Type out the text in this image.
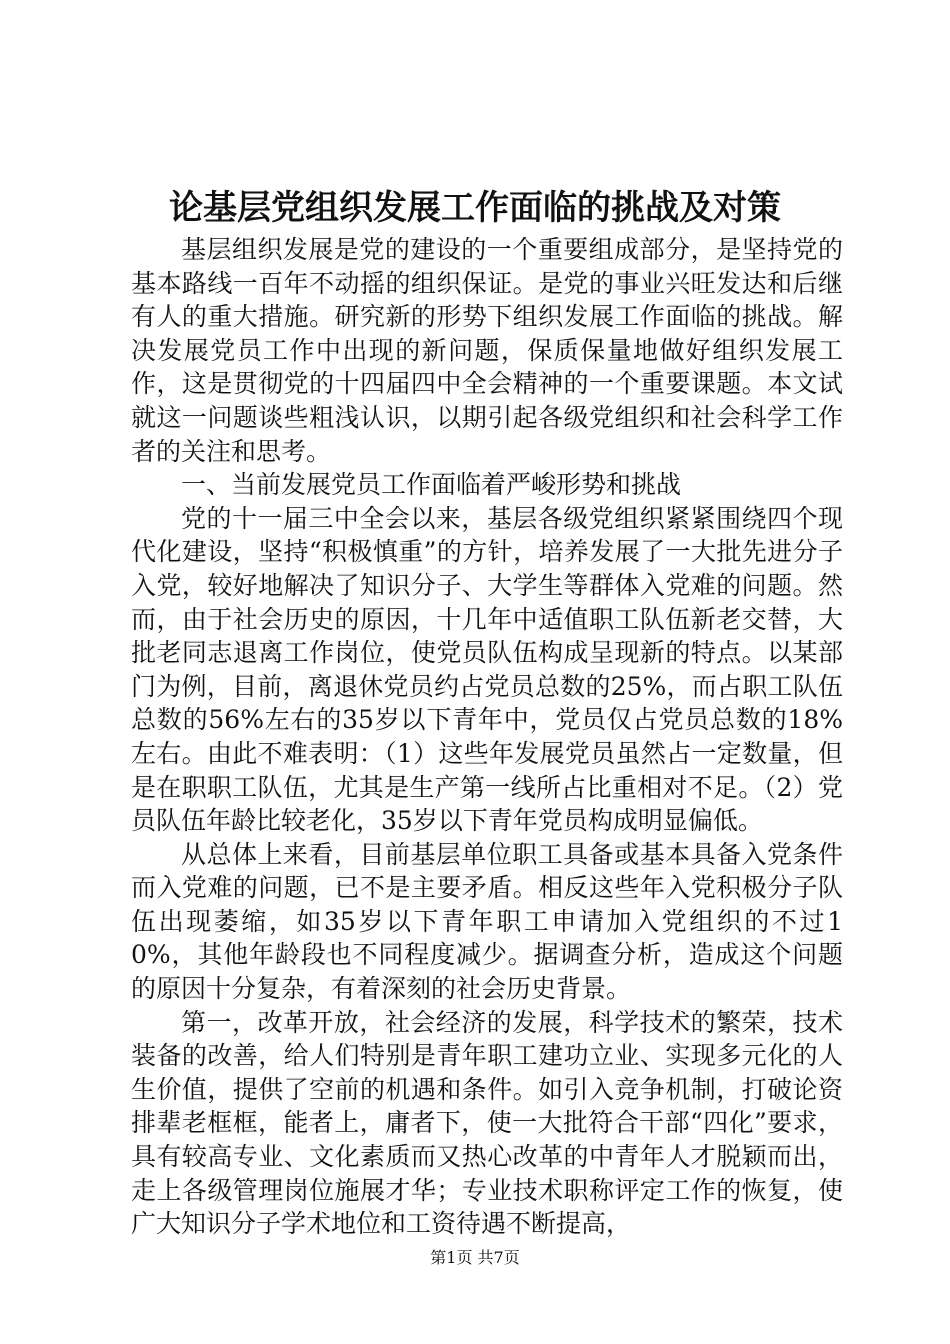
论基层党组织发展工作面临的挑战及对策

基层组织发展是党的建设的一个重要组成部分，是坚持党的基本路线一百年不动摇的组织保证。是党的事业兴旺发达和后继有人的重大措施。研究新的形势下组织发展工作面临的挑战。解决发展党员工作中出现的新问题，保质保量地做好组织发展工作，这是贯彻党的十四届四中全会精神的一个重要课题。本文试就这一问题谈些粗浅认识，以期引起各级党组织和社会科学工作者的关注和思考。

一、当前发展党员工作面临着严峻形势和挑战

党的十一届三中全会以来，基层各级党组织紧紧围绕四个现代化建设，坚持“积极慎重”的方针，培养发展了一大批先进分子入党，较好地解决了知识分子、大学生等群体入党难的问题。然而，由于社会历史的原因，十几年中适值职工队伍新老交替，大批老同志退离工作岗位，使党员队伍构成呈现新的特点。以某部门为例，目前，离退休党员约占党员总数的25%，而占职工队伍总数的56%左右的35岁以下青年中，党员仅占党员总数的18%左右。由此不难表明：（1）这些年发展党员虽然占一定数量，但是在职职工队伍，尤其是生产第一线所占比重相对不足。（2）党员队伍年龄比较老化，35岁以下青年党员构成明显偏低。

从总体上来看，目前基层单位职工具备或基本具备入党条件而入党难的问题，已不是主要矛盾。相反这些年入党积极分子队伍出现萎缩，如35岁以下青年职工申请加入党组织的不过10%，其他年龄段也不同程度减少。据调查分析，造成这个问题的原因十分复杂，有着深刻的社会历史背景。

第一，改革开放，社会经济的发展，科学技术的繁荣，技术装备的改善，给人们特别是青年职工建功立业、实现多元化的人生价值，提供了空前的机遇和条件。如引入竞争机制，打破论资排辈老框框，能者上，庸者下，使一大批符合干部“四化”要求，具有较高专业、文化素质而又热心改革的中青年人才脱颖而出，走上各级管理岗位施展才华；专业技术职称评定工作的恢复，使广大知识分子学术地位和工资待遇不断提高，

第1页 共7页
